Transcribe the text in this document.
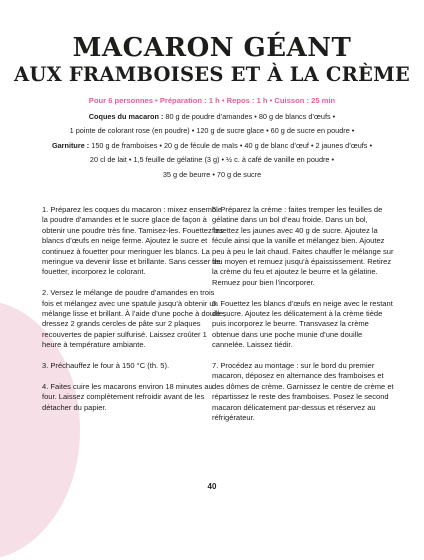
MACARON GÉANT
AUX FRAMBOISES ET À LA CRÈME
Pour 6 personnes • Préparation : 1 h • Repos : 1 h • Cuisson : 25 min
Coques du macaron : 80 g de poudre d’amandes • 80 g de blancs d’œufs •
1 pointe de colorant rose (en poudre) • 120 g de sucre glace • 60 g de sucre en poudre •
Garniture : 150 g de framboises • 20 g de fécule de maïs • 40 g de blanc d’œuf • 2 jaunes d’œufs •
20 cl de lait • 1,5 feuille de gélatine (3 g) • ½ c. à café de vanille en poudre •
35 g de beurre • 70 g de sucre

1. Préparez les coques du macaron : mixez ensemble la poudre d’amandes et le sucre glace de façon à obtenir une poudre très fine. Tamisez-les. Fouettez les blancs d’œufs en neige ferme. Ajoutez le sucre et continuez à fouetter pour meringuer les blancs. La meringue va devenir lisse et brillante. Sans cesser de fouetter, incorporez le colorant.

2. Versez le mélange de poudre d’amandes en trois fois et mélangez avec une spatule jusqu’à obtenir un mélange lisse et brillant. À l’aide d’une poche à douille, dressez 2 grands cercles de pâte sur 2 plaques recouvertes de papier sulfurisé. Laissez croûter 1 heure à température ambiante.

3. Préchauffez le four à 150 °C (th. 5).

4. Faites cuire les macarons environ 18 minutes au four. Laissez complètement refroidir avant de les détacher du papier.

5. Préparez la crème : faites tremper les feuilles de gélatine dans un bol d’eau froide. Dans un bol, fouettez les jaunes avec 40 g de sucre. Ajoutez la fécule ainsi que la vanille et mélangez bien. Ajoutez peu à peu le lait chaud. Faites chauffer le mélange sur feu moyen et remuez jusqu’à épaississement. Retirez la crème du feu et ajoutez le beurre et la gélatine. Remuez pour bien l’incorporer.

6. Fouettez les blancs d’œufs en neige avec le restant de sucre. Ajoutez les délicatement à la crème tiède puis incorporez le beurre. Transvasez la crème obtenue dans une poche munie d’une douille cannelée. Laissez tiédir.

7. Procédez au montage : sur le bord du premier macaron, déposez en alternance des framboises et des dômes de crème. Garnissez le centre de crème et répartissez le reste des framboises. Posez le second macaron délicatement par-dessus et réservez au réfrigérateur.

40
